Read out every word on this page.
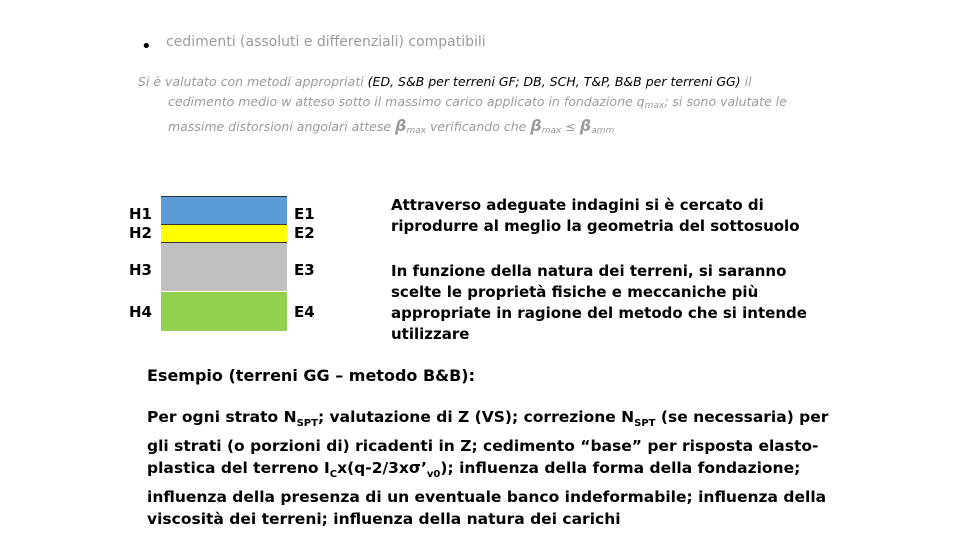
• cedimenti (assoluti e differenziali) compatibili
Si è valutato con metodi appropriati (ED, S&B per terreni GF; DB, SCH, T&P, B&B per terreni GG) il
cedimento medio w atteso sotto il massimo carico applicato in fondazione $q_{max}$; si sono valutate le
massime distorsioni angolari attese $\beta_{max}$ verificando che $\beta_{max} \le \beta_{amm}$
H1
H2
H3
H4
E1
E2
E3
E4
Attraverso adeguate indagini si è cercato di riprodurre al meglio la geometria del sottosuolo
In funzione della natura dei terreni, si saranno scelte le proprietà fisiche e meccaniche più appropriate in ragione del metodo che si intende utilizzare
Esempio (terreni GG – metodo B&B):
Per ogni strato $N_{SPT}$; valutazione di Z (VS); correzione $N_{SPT}$ (se necessaria) per gli strati (o porzioni di) ricadenti in Z; cedimento “base” per risposta elasto-plastica del terreno $I_Cx(q-2/3x\sigma’_{v0})$; influenza della forma della fondazione; influenza della presenza di un eventuale banco indeformabile; influenza della viscosità dei terreni; influenza della natura dei carichi
